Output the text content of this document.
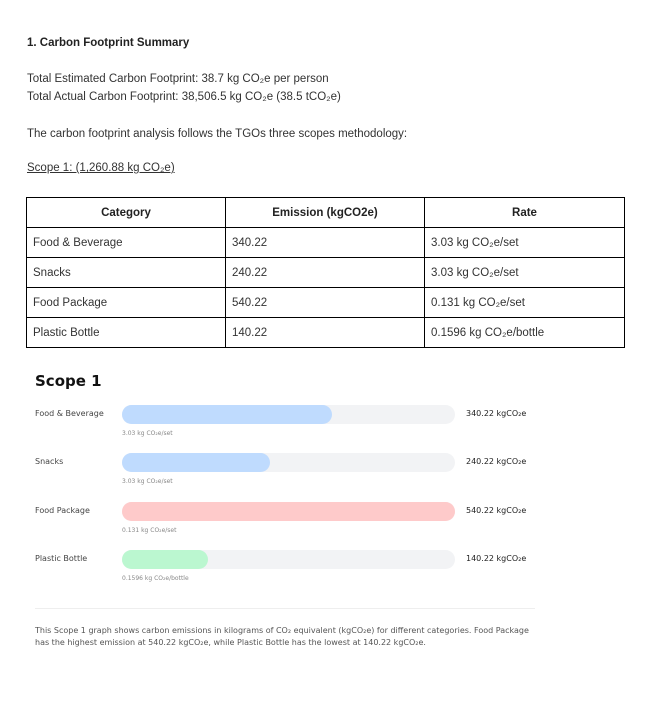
1. Carbon Footprint Summary
Total Estimated Carbon Footprint: 38.7 kg CO₂e per person
Total Actual Carbon Footprint: 38,506.5 kg CO₂e (38.5 tCO₂e)
The carbon footprint analysis follows the TGOs three scopes methodology:
Scope 1: (1,260.88 kg CO₂e)
Category	Emission (kgCO2e)	Rate
Food & Beverage	340.22	3.03 kg CO₂e/set
Snacks	240.22	3.03 kg CO₂e/set
Food Package	540.22	0.131 kg CO₂e/set
Plastic Bottle	140.22	0.1596 kg CO₂e/bottle
Scope 1
Food & Beverage	340.22 kgCO₂e
3.03 kg CO₂e/set
Snacks	240.22 kgCO₂e
3.03 kg CO₂e/set
Food Package	540.22 kgCO₂e
0.131 kg CO₂e/set
Plastic Bottle	140.22 kgCO₂e
0.1596 kg CO₂e/bottle
This Scope 1 graph shows carbon emissions in kilograms of CO₂ equivalent (kgCO₂e) for different categories. Food Package has the highest emission at 540.22 kgCO₂e, while Plastic Bottle has the lowest at 140.22 kgCO₂e.
